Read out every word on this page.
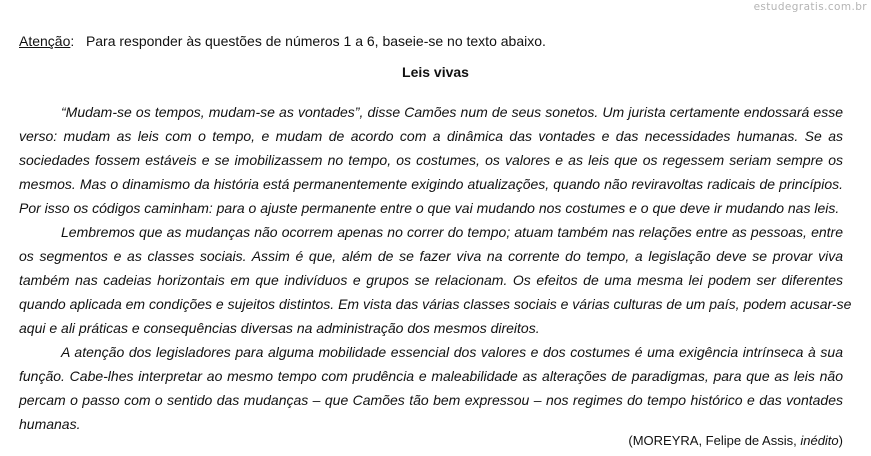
estudegratis.com.br
Atenção: Para responder às questões de números 1 a 6, baseie-se no texto abaixo.
Leis vivas
“Mudam-se os tempos, mudam-se as vontades”, disse Camões num de seus sonetos. Um jurista certamente endossará esse
verso: mudam as leis com o tempo, e mudam de acordo com a dinâmica das vontades e das necessidades humanas. Se as
sociedades fossem estáveis e se imobilizassem no tempo, os costumes, os valores e as leis que os regessem seriam sempre os
mesmos. Mas o dinamismo da história está permanentemente exigindo atualizações, quando não reviravoltas radicais de princípios.
Por isso os códigos caminham: para o ajuste permanente entre o que vai mudando nos costumes e o que deve ir mudando nas leis.
Lembremos que as mudanças não ocorrem apenas no correr do tempo; atuam também nas relações entre as pessoas, entre
os segmentos e as classes sociais. Assim é que, além de se fazer viva na corrente do tempo, a legislação deve se provar viva
também nas cadeias horizontais em que indivíduos e grupos se relacionam. Os efeitos de uma mesma lei podem ser diferentes
quando aplicada em condições e sujeitos distintos. Em vista das várias classes sociais e várias culturas de um país, podem acusar-se
aqui e ali práticas e consequências diversas na administração dos mesmos direitos.
A atenção dos legisladores para alguma mobilidade essencial dos valores e dos costumes é uma exigência intrínseca à sua
função. Cabe-lhes interpretar ao mesmo tempo com prudência e maleabilidade as alterações de paradigmas, para que as leis não
percam o passo com o sentido das mudanças – que Camões tão bem expressou – nos regimes do tempo histórico e das vontades
humanas.
(MOREYRA, Felipe de Assis, inédito)
